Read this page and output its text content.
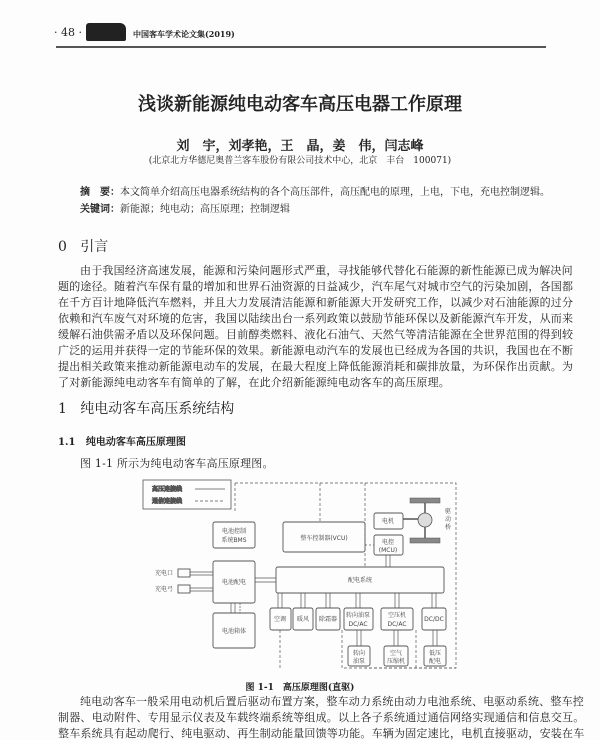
· 48 ·	中国客车学术论文集(2019)
浅谈新能源纯电动客车高压电器工作原理
刘　宇，刘孝艳，王　晶，姜　伟，闫志峰
(北京北方华德尼奥普兰客车股份有限公司技术中心，北京　丰台　100071)
摘　要：本文简单介绍高压电器系统结构的各个高压部件，高压配电的原理，上电，下电，充电控制逻辑。
关键词：新能源；纯电动；高压原理；控制逻辑
0 引言
由于我国经济高速发展，能源和污染问题形式严重，寻找能够代替化石能源的新性能源已成为解决问
题的途径。随着汽车保有量的增加和世界石油资源的日益减少，汽车尾气对城市空气的污染加剧，各国都
在千方百计地降低汽车燃料，并且大力发展清洁能源和新能源大开发研究工作，以减少对石油能源的过分
依赖和汽车废气对环境的危害，我国以陆续出台一系列政策以鼓励节能环保以及新能源汽车开发，从而来
缓解石油供需矛盾以及环保问题。目前醇类燃料、液化石油气、天然气等清洁能源在全世界范围的得到较
广泛的运用并获得一定的节能环保的效果。新能源电动汽车的发展也已经成为各国的共识，我国也在不断
提出相关政策来推动新能源电动车的发展，在最大程度上降低能源消耗和碳排放量，为环保作出贡献。为
了对新能源纯电动客车有简单的了解，在此介绍新能源纯电动客车的高压原理。
1 纯电动客车高压系统结构
1.1 纯电动客车高压原理图
图 1-1 所示为纯电动客车高压原理图。
高压连接线
通信连接线
电池控制
系统BMS	整车控制器(VCU)
电机
电控
(MCU)
驱
动
桥
电池配电
充电口
充电弓
配电系统
电池箱体
空调 暖风 除霜器
转向油泵
DC/AC
空压机
DC/AC
DC/DC
转向
油泵
空气
压缩机
低压
配电
图 1-1　高压原理图(直驱)
纯电动客车一般采用电动机后置后驱动布置方案，整车动力系统由动力电池系统、电驱动系统、整车控
制器、电动附件、专用显示仪表及车载终端系统等组成。以上各子系统通过通信网络实现通信和信息交互。
整车系统具有起动爬行、纯电驱动、再生制动能量回馈等功能。车辆为固定速比，电机直接驱动，安装在车
